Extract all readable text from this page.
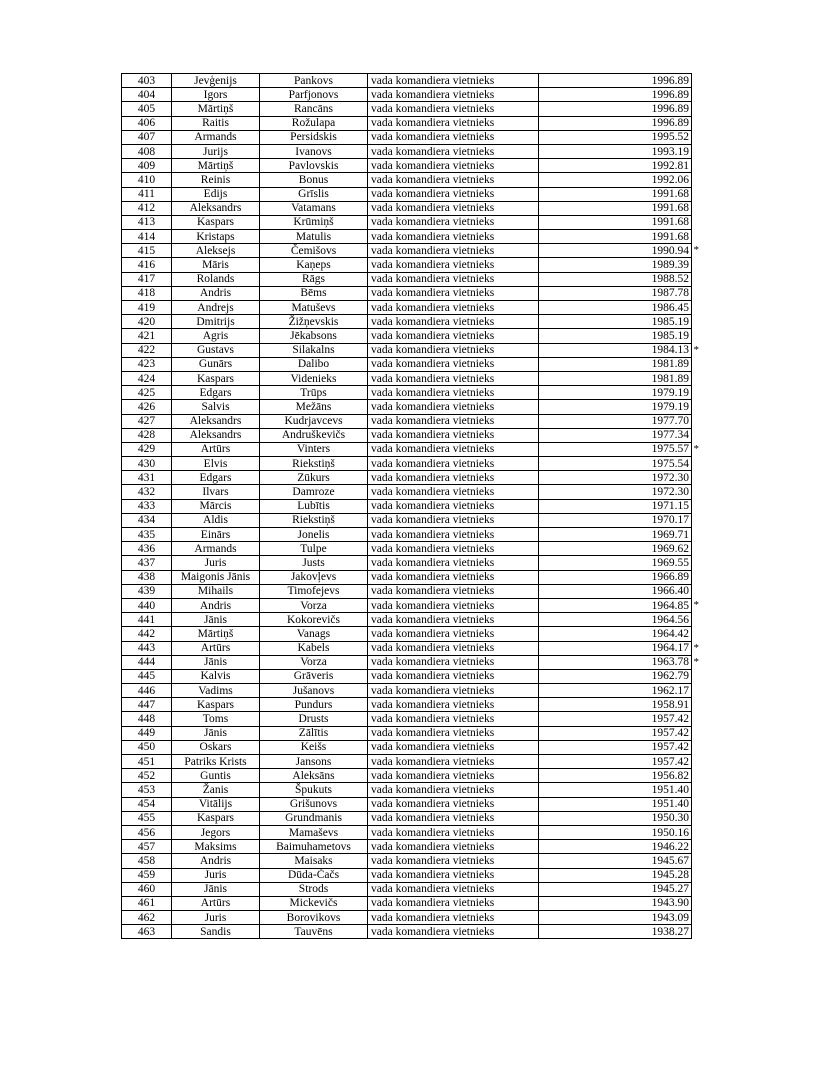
403	Jevģenijs	Pankovs	vada komandiera vietnieks	1996.89

404	Igors	Parfjonovs	vada komandiera vietnieks	1996.89

405	Mārtiņš	Rancāns	vada komandiera vietnieks	1996.89

406	Raitis	Rožulapa	vada komandiera vietnieks	1996.89

407	Armands	Persidskis	vada komandiera vietnieks	1995.52

408	Jurijs	Ivanovs	vada komandiera vietnieks	1993.19

409	Mārtiņš	Pavlovskis	vada komandiera vietnieks	1992.81

410	Reinis	Bonus	vada komandiera vietnieks	1992.06

411	Edijs	Grīslis	vada komandiera vietnieks	1991.68

412	Aleksandrs	Vatamans	vada komandiera vietnieks	1991.68

413	Kaspars	Krūmiņš	vada komandiera vietnieks	1991.68

414	Kristaps	Matulis	vada komandiera vietnieks	1991.68

415	Aleksejs	Čemišovs	vada komandiera vietnieks	1990.94 *

416	Māris	Kaņeps	vada komandiera vietnieks	1989.39

417	Rolands	Rāgs	vada komandiera vietnieks	1988.52

418	Andris	Bēms	vada komandiera vietnieks	1987.78

419	Andrejs	Matuševs	vada komandiera vietnieks	1986.45

420	Dmitrijs	Žižņevskis	vada komandiera vietnieks	1985.19

421	Agris	Jēkabsons	vada komandiera vietnieks	1985.19

422	Gustavs	Silakalns	vada komandiera vietnieks	1984.13 *

423	Gunārs	Dalibo	vada komandiera vietnieks	1981.89

424	Kaspars	Videnieks	vada komandiera vietnieks	1981.89

425	Edgars	Trūps	vada komandiera vietnieks	1979.19

426	Salvis	Mežāns	vada komandiera vietnieks	1979.19

427	Aleksandrs	Kudrjavcevs	vada komandiera vietnieks	1977.70

428	Aleksandrs	Andruškevičs	vada komandiera vietnieks	1977.34

429	Artūrs	Vinters	vada komandiera vietnieks	1975.57 *

430	Elvis	Riekstiņš	vada komandiera vietnieks	1975.54

431	Edgars	Zūkurs	vada komandiera vietnieks	1972.30

432	Ilvars	Damroze	vada komandiera vietnieks	1972.30

433	Mārcis	Lubītis	vada komandiera vietnieks	1971.15

434	Aldis	Riekstiņš	vada komandiera vietnieks	1970.17

435	Einārs	Jonelis	vada komandiera vietnieks	1969.71

436	Armands	Tulpe	vada komandiera vietnieks	1969.62

437	Juris	Justs	vada komandiera vietnieks	1969.55

438	Maigonis Jānis	Jakovļevs	vada komandiera vietnieks	1966.89

439	Mihails	Timofejevs	vada komandiera vietnieks	1966.40

440	Andris	Vorza	vada komandiera vietnieks	1964.85 *

441	Jānis	Kokorevičs	vada komandiera vietnieks	1964.56

442	Mārtiņš	Vanags	vada komandiera vietnieks	1964.42

443	Artūrs	Kabels	vada komandiera vietnieks	1964.17 *

444	Jānis	Vorza	vada komandiera vietnieks	1963.78 *

445	Kalvis	Grāveris	vada komandiera vietnieks	1962.79

446	Vadims	Jušanovs	vada komandiera vietnieks	1962.17

447	Kaspars	Pundurs	vada komandiera vietnieks	1958.91

448	Toms	Drusts	vada komandiera vietnieks	1957.42

449	Jānis	Zālītis	vada komandiera vietnieks	1957.42

450	Oskars	Keišs	vada komandiera vietnieks	1957.42

451	Patriks Krists	Jansons	vada komandiera vietnieks	1957.42

452	Guntis	Aleksāns	vada komandiera vietnieks	1956.82

453	Žanis	Špukuts	vada komandiera vietnieks	1951.40

454	Vitālijs	Grišunovs	vada komandiera vietnieks	1951.40

455	Kaspars	Grundmanis	vada komandiera vietnieks	1950.30

456	Jegors	Mamaševs	vada komandiera vietnieks	1950.16

457	Maksims	Baimuhametovs	vada komandiera vietnieks	1946.22

458	Andris	Maisaks	vada komandiera vietnieks	1945.67

459	Juris	Dūda-Čačs	vada komandiera vietnieks	1945.28

460	Jānis	Strods	vada komandiera vietnieks	1945.27

461	Artūrs	Mickevičs	vada komandiera vietnieks	1943.90

462	Juris	Borovikovs	vada komandiera vietnieks	1943.09

463	Sandis	Tauvēns	vada komandiera vietnieks	1938.27
